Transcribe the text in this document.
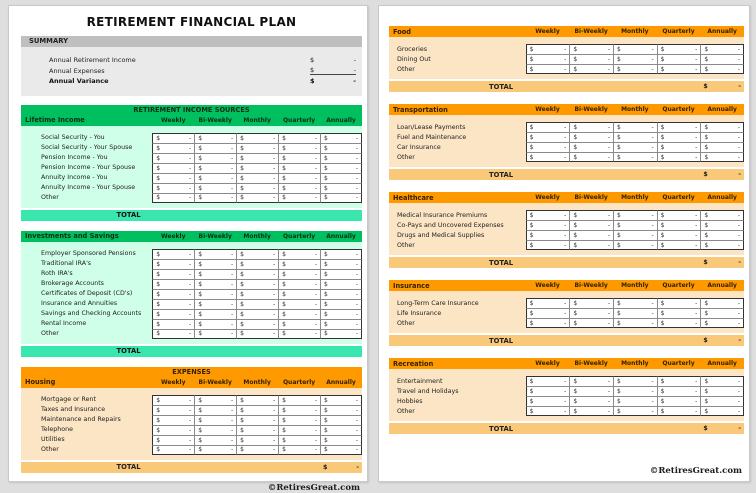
RETIREMENT FINANCIAL PLAN
SUMMARY
Annual Retirement Income	$	-
Annual Expenses	$	-
Annual Variance	$	-
RETIREMENT INCOME SOURCES
Lifetime Income	Weekly	Bi-Weekly	Monthly	Quarterly	Annually
Social Security - You	$	- $	- $	- $	- $	-
Social Security - Your Spouse	$	- $	- $	- $	- $	-
Pension Income - You	$	- $	- $	- $	- $	-
Pension Income - Your Spouse	$	- $	- $	- $	- $	-
Annuity Income - You	$	- $	- $	- $	- $	-
Annuity Income - Your Spouse	$	- $	- $	- $	- $	-
Other	$	- $	- $	- $	- $	-
TOTAL
Investments and Savings	Weekly	Bi-Weekly	Monthly	Quarterly	Annually
Employer Sponsored Pensions	$	- $	- $	- $	- $	-
Traditional IRA's	$	- $	- $	- $	- $	-
Roth IRA's	$	- $	- $	- $	- $	-
Brokerage Accounts	$	- $	- $	- $	- $	-
Certificates of Deposit (CD's)	$	- $	- $	- $	- $	-
Insurance and Annuities	$	- $	- $	- $	- $	-
Savings and Checking Accounts	$	- $	- $	- $	- $	-
Rental Income	$	- $	- $	- $	- $	-
Other	$	- $	- $	- $	- $	-
TOTAL
EXPENSES
Housing	Weekly	Bi-Weekly	Monthly	Quarterly	Annually
Mortgage or Rent	$	- $	- $	- $	- $	-
Taxes and Insurance	$	- $	- $	- $	- $	-
Maintenance and Repairs	$	- $	- $	- $	- $	-
Telephone	$	- $	- $	- $	- $	-
Utilities	$	- $	- $	- $	- $	-
Other	$	- $	- $	- $	- $	-
TOTAL	$	-
©RetiresGreat.com
Food	Weekly	Bi-Weekly	Monthly	Quarterly	Annually
Groceries	$	- $	- $	- $	- $	-
Dining Out	$	- $	- $	- $	- $	-
Other	$	- $	- $	- $	- $	-
TOTAL	$	-
Transportation	Weekly	Bi-Weekly	Monthly	Quarterly	Annually
Loan/Lease Payments	$	- $	- $	- $	- $	-
Fuel and Maintenance	$	- $	- $	- $	- $	-
Car Insurance	$	- $	- $	- $	- $	-
Other	$	- $	- $	- $	- $	-
TOTAL	$	-
Healthcare	Weekly	Bi-Weekly	Monthly	Quarterly	Annually
Medical Insurance Premiums	$	- $	- $	- $	- $	-
Co-Pays and Uncovered Expenses	$	- $	- $	- $	- $	-
Drugs and Medical Supplies	$	- $	- $	- $	- $	-
Other	$	- $	- $	- $	- $	-
TOTAL	$	-
Insurance	Weekly	Bi-Weekly	Monthly	Quarterly	Annually
Long-Term Care Insurance	$	- $	- $	- $	- $	-
Life Insurance	$	- $	- $	- $	- $	-
Other	$	- $	- $	- $	- $	-
TOTAL	$	-
Recreation	Weekly	Bi-Weekly	Monthly	Quarterly	Annually
Entertainment	$	- $	- $	- $	- $	-
Travel and Holidays	$	- $	- $	- $	- $	-
Hobbies	$	- $	- $	- $	- $	-
Other	$	- $	- $	- $	- $	-
TOTAL	$	-
©RetiresGreat.com
